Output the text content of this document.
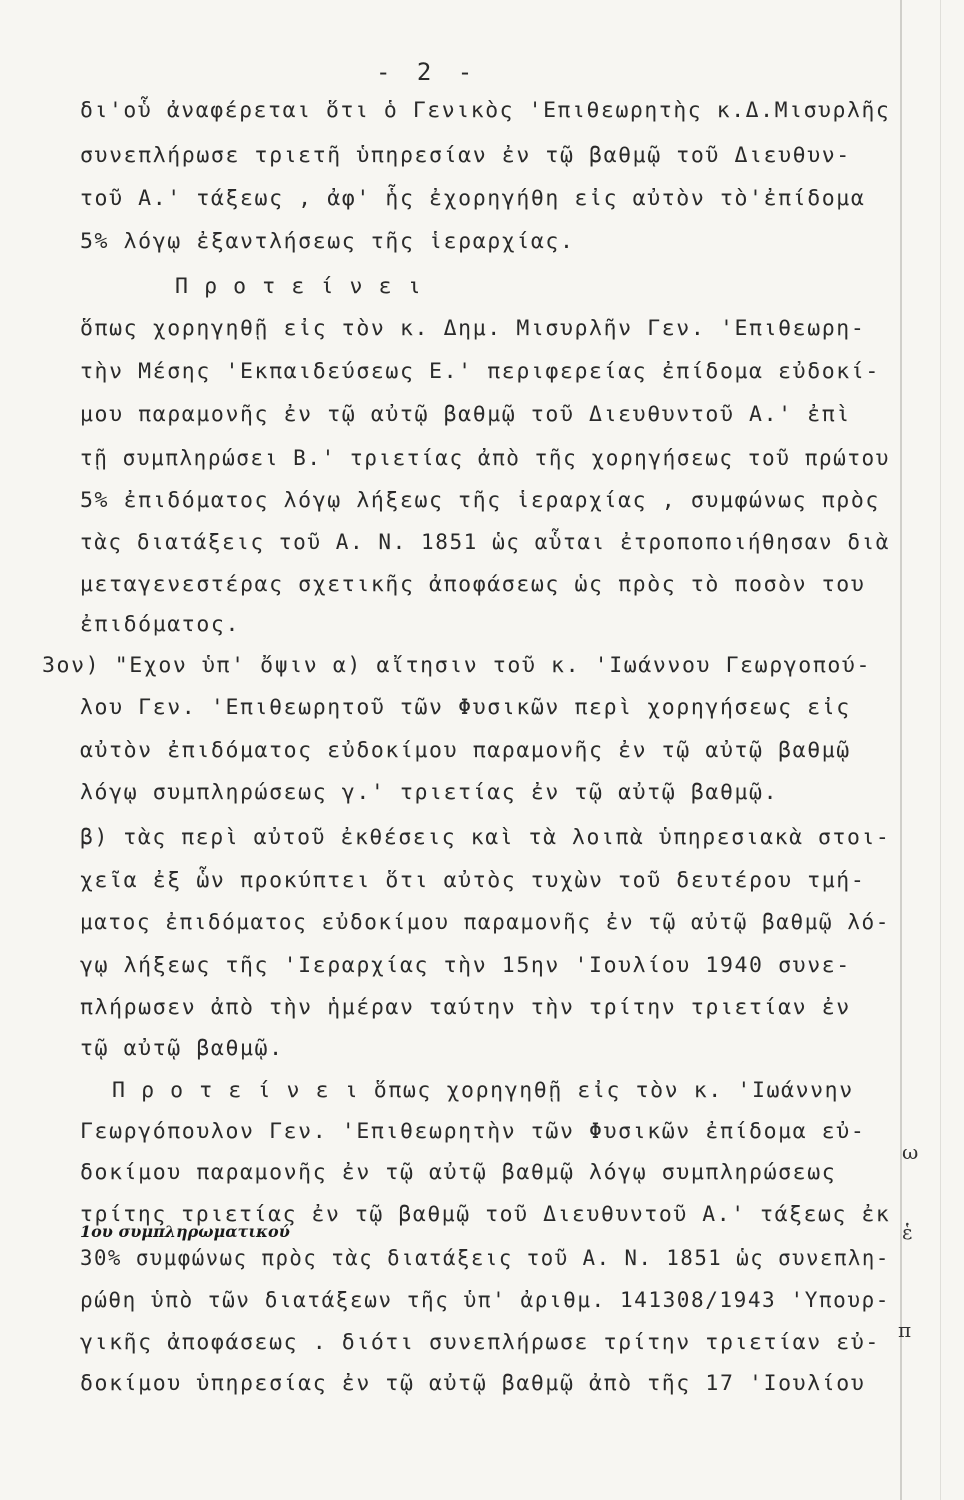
- 2 -
δι'οὗ ἀναφέρεται ὅτι ὁ Γενικὸς 'Επιθεωρητὴς κ.Δ.Μισυρλῆς
συνεπλήρωσε τριετῆ ὑπηρεσίαν ἐν τῷ βαθμῷ τοῦ Διευθυν-
τοῦ Α.' τάξεως , ἀφ' ἧς ἐχορηγήθη εἰς αὐτὸν τὸ'ἐπίδομα
5% λόγῳ ἐξαντλήσεως τῆς ἱεραρχίας.
Π ρ ο τ ε ί ν ε ι
ὅπως χορηγηθῇ εἰς τὸν κ. Δημ. Μισυρλῆν Γεν. 'Επιθεωρη-
τὴν Μέσης 'Εκπαιδεύσεως Ε.' περιφερείας ἐπίδομα εὐδοκί-
μου παραμονῆς ἐν τῷ αὐτῷ βαθμῷ τοῦ Διευθυντοῦ Α.' ἐπὶ
τῇ συμπληρώσει Β.' τριετίας ἀπὸ τῆς χορηγήσεως τοῦ πρώτου
5% ἐπιδόματος λόγῳ λήξεως τῆς ἱεραρχίας , συμφώνως πρὸς
τὰς διατάξεις τοῦ Α. Ν. 1851 ὡς αὗται ἐτροποποιήθησαν διὰ
μεταγενεστέρας σχετικῆς ἀποφάσεως ὡς πρὸς τὸ ποσὸν του
ἐπιδόματος.
3ον) "Εχον ὑπ' ὄψιν α) αἴτησιν τοῦ κ. 'Ιωάννου Γεωργοπού-
λου Γεν. 'Επιθεωρητοῦ τῶν Φυσικῶν περὶ χορηγήσεως εἰς
αὐτὸν ἐπιδόματος εὐδοκίμου παραμονῆς ἐν τῷ αὐτῷ βαθμῷ
λόγῳ συμπληρώσεως γ.' τριετίας ἐν τῷ αὐτῷ βαθμῷ.
β) τὰς περὶ αὐτοῦ ἐκθέσεις καὶ τὰ λοιπὰ ὑπηρεσιακὰ στοι-
χεῖα ἐξ ὧν προκύπτει ὅτι αὐτὸς τυχὼν τοῦ δευτέρου τμή-
ματος ἐπιδόματος εὐδοκίμου παραμονῆς ἐν τῷ αὐτῷ βαθμῷ λό-
γῳ λήξεως τῆς 'Ιεραρχίας τὴν 15ην 'Ιουλίου 1940 συνε-
πλήρωσεν ἀπὸ τὴν ἡμέραν ταύτην τὴν τρίτην τριετίαν ἐν
τῷ αὐτῷ βαθμῷ.
Π ρ ο τ ε ί ν ε ι ὅπως χορηγηθῇ εἰς τὸν κ. 'Ιωάννην
Γεωργόπουλον Γεν. 'Επιθεωρητὴν τῶν Φυσικῶν ἐπίδομα εὐ-
δοκίμου παραμονῆς ἐν τῷ αὐτῷ βαθμῷ λόγῳ συμπληρώσεως
τρίτης τριετίας ἐν τῷ βαθμῷ τοῦ Διευθυντοῦ Α.' τάξεως ἐκ
30% συμφώνως πρὸς τὰς διατάξεις τοῦ Α. Ν. 1851 ὡς συνεπλη-
ρώθη ὑπὸ τῶν διατάξεων τῆς ὑπ' ἀριθμ. 141308/1943 'Υπουρ-
γικῆς ἀποφάσεως . διότι συνεπλήρωσε τρίτην τριετίαν εὐ-
δοκίμου ὑπηρεσίας ἐν τῷ αὐτῷ βαθμῷ ἀπὸ τῆς 17 'Ιουλίου
1ου συμπληρωματικού
ω
ἑ
π
